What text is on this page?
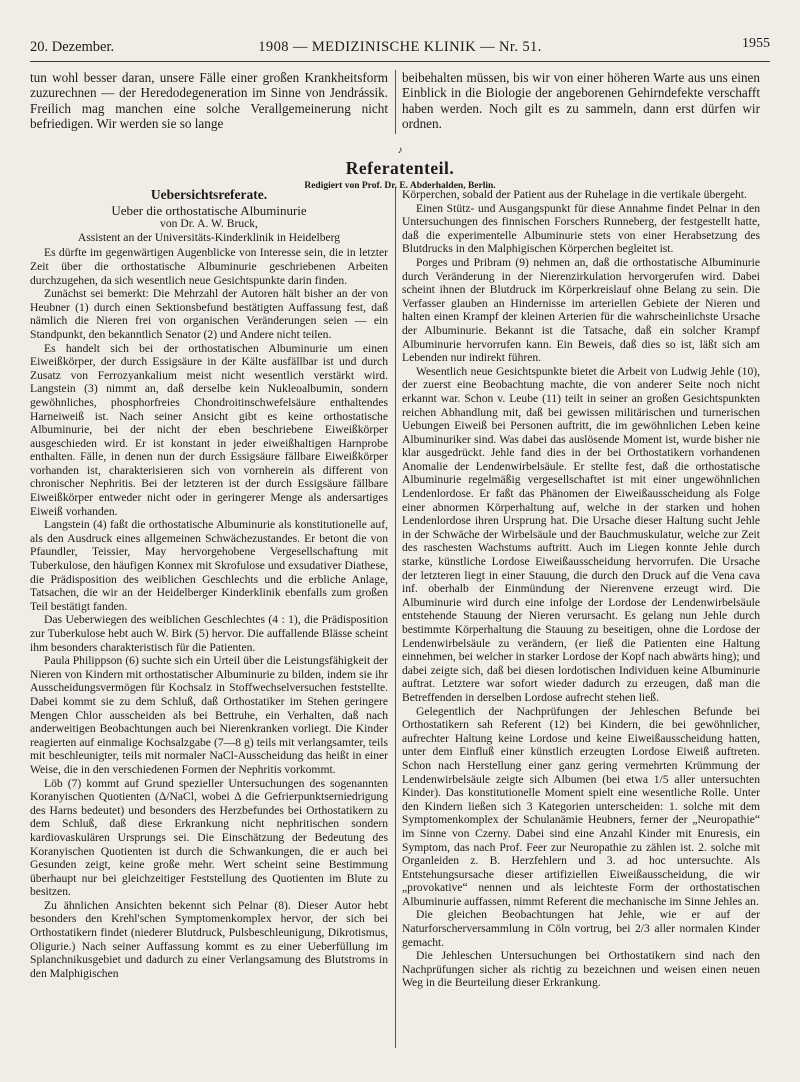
20. Dezember.	1908 — MEDIZINISCHE KLINIK — Nr. 51.	1955
tun wohl besser daran, unsere Fälle einer großen Krankheitsform zuzurechnen — der Heredodegeneration im Sinne von Jendrássik. Freilich mag manchen eine solche Verallgemeinerung nicht befriedigen. Wir werden sie so lange
beibehalten müssen, bis wir von einer höheren Warte aus uns einen Einblick in die Biologie der angeborenen Gehirndefekte verschafft haben werden. Noch gilt es zu sammeln, dann erst dürfen wir ordnen.
♪
Referatenteil.
Redigiert von Prof. Dr. E. Abderhalden, Berlin.
Uebersichtsreferate.
Ueber die orthostatische Albuminurie
von Dr. A. W. Bruck,
Assistent an der Universitäts-Kinderklinik in Heidelberg

Es dürfte im gegenwärtigen Augenblicke von Interesse sein, die in letzter Zeit über die orthostatische Albuminurie geschriebenen Arbeiten durchzugehen, da sich wesentlich neue Gesichtspunkte darin finden.

Zunächst sei bemerkt: Die Mehrzahl der Autoren hält bisher an der von Heubner (1) durch einen Sektionsbefund bestätigten Auffassung fest, daß nämlich die Nieren frei von organischen Veränderungen seien — ein Standpunkt, den bekanntlich Senator (2) und Andere nicht teilen.

Es handelt sich bei der orthostatischen Albuminurie um einen Eiweißkörper, der durch Essigsäure in der Kälte ausfällbar ist und durch Zusatz von Ferrozyankalium meist nicht wesentlich verstärkt wird. Langstein (3) nimmt an, daß derselbe kein Nukleoalbumin, sondern gewöhnliches, phosphorfreies Chondroitinschwefelsäure enthaltendes Harneiweiß ist. Nach seiner Ansicht gibt es keine orthostatische Albuminurie, bei der nicht der eben beschriebene Eiweißkörper ausgeschieden wird. Er ist konstant in jeder eiweißhaltigen Harnprobe enthalten. Fälle, in denen nun der durch Essigsäure fällbare Eiweißkörper vorhanden ist, charakterisieren sich von vornherein als different von chronischer Nephritis. Bei der letzteren ist der durch Essigsäure fällbare Eiweißkörper entweder nicht oder in geringerer Menge als andersartiges Eiweiß vorhanden.

Langstein (4) faßt die orthostatische Albuminurie als konstitutionelle auf, als den Ausdruck eines allgemeinen Schwächezustandes. Er betont die von Pfaundler, Teissier, May hervorgehobene Vergesellschaftung mit Tuberkulose, den häufigen Konnex mit Skrofulose und exsudativer Diathese, die Prädisposition des weiblichen Geschlechts und die erbliche Anlage, Tatsachen, die wir an der Heidelberger Kinderklinik ebenfalls zum großen Teil bestätigt fanden.

Das Ueberwiegen des weiblichen Geschlechtes (4 : 1), die Prädisposition zur Tuberkulose hebt auch W. Birk (5) hervor. Die auffallende Blässe scheint ihm besonders charakteristisch für die Patienten.

Paula Philippson (6) suchte sich ein Urteil über die Leistungsfähigkeit der Nieren von Kindern mit orthostatischer Albuminurie zu bilden, indem sie ihr Ausscheidungsvermögen für Kochsalz in Stoffwechselversuchen feststellte. Dabei kommt sie zu dem Schluß, daß Orthostatiker im Stehen geringere Mengen Chlor ausscheiden als bei Bettruhe, ein Verhalten, daß nach anderweitigen Beobachtungen auch bei Nierenkranken vorliegt. Die Kinder reagierten auf einmalige Kochsalzgabe (7—8 g) teils mit verlangsamter, teils mit beschleunigter, teils mit normaler NaCl-Ausscheidung das heißt in einer Weise, die in den verschiedenen Formen der Nephritis vorkommt.

Löb (7) kommt auf Grund spezieller Untersuchungen des sogenannten Koranyischen Quotienten (Δ/NaCl, wobei Δ die Gefrierpunktserniedrigung des Harns bedeutet) und besonders des Herzbefundes bei Orthostatikern zu dem Schluß, daß diese Erkrankung nicht nephritischen sondern kardiovaskulären Ursprungs sei. Die Einschätzung der Bedeutung des Koranyischen Quotienten ist durch die Schwankungen, die er auch bei Gesunden zeigt, keine große mehr. Wert scheint seine Bestimmung überhaupt nur bei gleichzeitiger Feststellung des Quotienten im Blute zu besitzen.

Zu ähnlichen Ansichten bekennt sich Pelnar (8). Dieser Autor hebt besonders den Krehl'schen Symptomenkomplex hervor, der sich bei Orthostatikern findet (niederer Blutdruck, Pulsbeschleunigung, Dikrotismus, Oligurie.) Nach seiner Auffassung kommt es zu einer Ueberfüllung im Splanchnikusgebiet und dadurch zu einer Verlangsamung des Blutstroms in den Malphigischen

Körperchen, sobald der Patient aus der Ruhelage in die vertikale übergeht.

Einen Stütz- und Ausgangspunkt für diese Annahme findet Pelnar in den Untersuchungen des finnischen Forschers Runneberg, der festgestellt hatte, daß die experimentelle Albuminurie stets von einer Herabsetzung des Blutdrucks in den Malphigischen Körperchen begleitet ist.

Porges und Pribram (9) nehmen an, daß die orthostatische Albuminurie durch Veränderung in der Nierenzirkulation hervorgerufen wird. Dabei scheint ihnen der Blutdruck im Körperkreislauf ohne Belang zu sein. Die Verfasser glauben an Hindernisse im arteriellen Gebiete der Nieren und halten einen Krampf der kleinen Arterien für die wahrscheinlichste Ursache der Albuminurie. Bekannt ist die Tatsache, daß ein solcher Krampf Albuminurie hervorrufen kann. Ein Beweis, daß dies so ist, läßt sich am Lebenden nur indirekt führen.

Wesentlich neue Gesichtspunkte bietet die Arbeit von Ludwig Jehle (10), der zuerst eine Beobachtung machte, die von anderer Seite noch nicht erkannt war. Schon v. Leube (11) teilt in seiner an großen Gesichtspunkten reichen Abhandlung mit, daß bei gewissen militärischen und turnerischen Uebungen Eiweiß bei Personen auftritt, die im gewöhnlichen Leben keine Albuminuriker sind. Was dabei das auslösende Moment ist, wurde bisher nie klar ausgedrückt. Jehle fand dies in der bei Orthostatikern vorhandenen Anomalie der Lendenwirbelsäule. Er stellte fest, daß die orthostatische Albuminurie regelmäßig vergesellschaftet ist mit einer ungewöhnlichen Lendenlordose. Er faßt das Phänomen der Eiweißausscheidung als Folge einer abnormen Körperhaltung auf, welche in der starken und hohen Lendenlordose ihren Ursprung hat. Die Ursache dieser Haltung sucht Jehle in der Schwäche der Wirbelsäule und der Bauchmuskulatur, welche zur Zeit des raschesten Wachstums auftritt. Auch im Liegen konnte Jehle durch starke, künstliche Lordose Eiweißausscheidung hervorrufen. Die Ursache der letzteren liegt in einer Stauung, die durch den Druck auf die Vena cava inf. oberhalb der Einmündung der Nierenvene erzeugt wird. Die Albuminurie wird durch eine infolge der Lordose der Lendenwirbelsäule entstehende Stauung der Nieren verursacht. Es gelang nun Jehle durch bestimmte Körperhaltung die Stauung zu beseitigen, ohne die Lordose der Lendenwirbelsäule zu verändern, (er ließ die Patienten eine Haltung einnehmen, bei welcher in starker Lordose der Kopf nach abwärts hing); und dabei zeigte sich, daß bei diesen lordotischen Individuen keine Albuminurie auftrat. Letztere war sofort wieder dadurch zu erzeugen, daß man die Betreffenden in derselben Lordose aufrecht stehen ließ.

Gelegentlich der Nachprüfungen der Jehleschen Befunde bei Orthostatikern sah Referent (12) bei Kindern, die bei gewöhnlicher, aufrechter Haltung keine Lordose und keine Eiweißausscheidung hatten, unter dem Einfluß einer künstlich erzeugten Lordose Eiweiß auftreten. Schon nach Herstellung einer ganz gering vermehrten Krümmung der Lendenwirbelsäule zeigte sich Albumen (bei etwa 1/5 aller untersuchten Kinder). Das konstitutionelle Moment spielt eine wesentliche Rolle. Unter den Kindern ließen sich 3 Kategorien unterscheiden: 1. solche mit dem Symptomenkomplex der Schulanämie Heubners, ferner der „Neuropathie“ im Sinne von Czerny. Dabei sind eine Anzahl Kinder mit Enuresis, ein Symptom, das nach Prof. Feer zur Neuropathie zu zählen ist. 2. solche mit Organleiden z. B. Herzfehlern und 3. ad hoc untersuchte. Als Entstehungsursache dieser artifiziellen Eiweißausscheidung, die wir „provokative“ nennen und als leichteste Form der orthostatischen Albuminurie auffassen, nimmt Referent die mechanische im Sinne Jehles an.

Die gleichen Beobachtungen hat Jehle, wie er auf der Naturforscherversammlung in Cöln vortrug, bei 2/3 aller normalen Kinder gemacht.

Die Jehleschen Untersuchungen bei Orthostatikern sind nach den Nachprüfungen sicher als richtig zu bezeichnen und weisen einen neuen Weg in die Beurteilung dieser Erkrankung.
